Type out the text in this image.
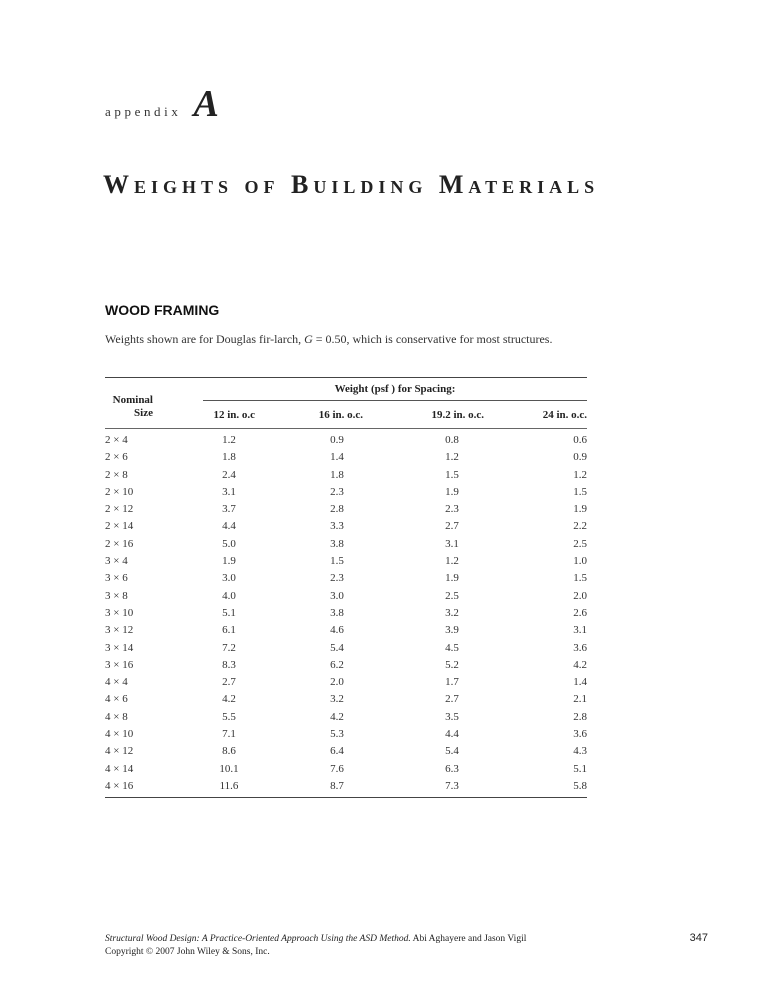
appendix A
Weights of Building Materials
WOOD FRAMING
Weights shown are for Douglas fir-larch, G = 0.50, which is conservative for most structures.
Nominal
Size
Weight (psf ) for Spacing:
12 in. o.c	16 in. o.c.	19.2 in. o.c.	24 in. o.c.
2 × 4	1.2	0.9	0.8	0.6
2 × 6	1.8	1.4	1.2	0.9
2 × 8	2.4	1.8	1.5	1.2
2 × 10	3.1	2.3	1.9	1.5
2 × 12	3.7	2.8	2.3	1.9
2 × 14	4.4	3.3	2.7	2.2
2 × 16	5.0	3.8	3.1	2.5
3 × 4	1.9	1.5	1.2	1.0
3 × 6	3.0	2.3	1.9	1.5
3 × 8	4.0	3.0	2.5	2.0
3 × 10	5.1	3.8	3.2	2.6
3 × 12	6.1	4.6	3.9	3.1
3 × 14	7.2	5.4	4.5	3.6
3 × 16	8.3	6.2	5.2	4.2
4 × 4	2.7	2.0	1.7	1.4
4 × 6	4.2	3.2	2.7	2.1
4 × 8	5.5	4.2	3.5	2.8
4 × 10	7.1	5.3	4.4	3.6
4 × 12	8.6	6.4	5.4	4.3
4 × 14	10.1	7.6	6.3	5.1
4 × 16	11.6	8.7	7.3	5.8
Structural Wood Design: A Practice-Oriented Approach Using the ASD Method. Abi Aghayere and Jason Vigil
Copyright © 2007 John Wiley & Sons, Inc.
347
